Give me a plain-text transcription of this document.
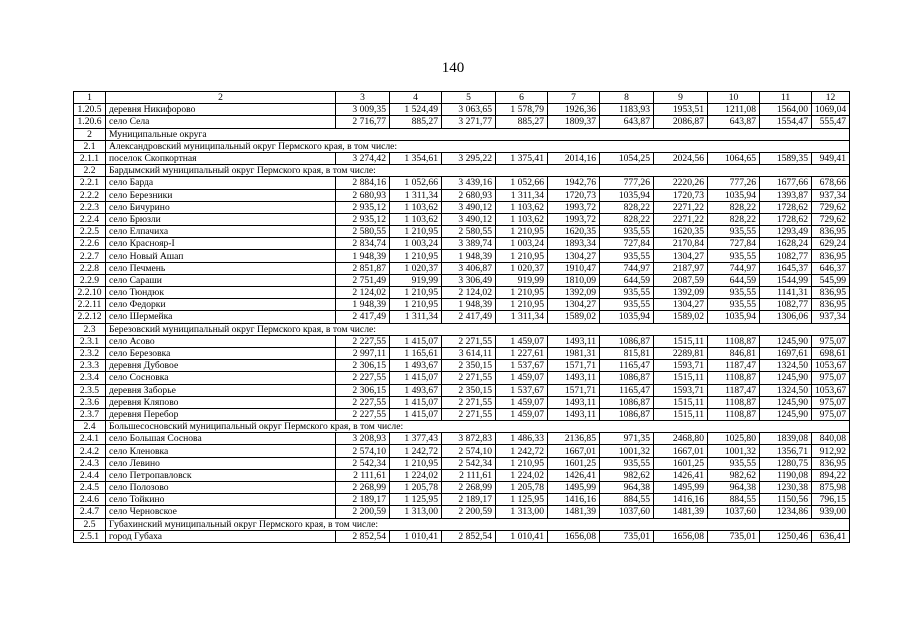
140
1	2	3	4	5	6	7	8	9	10	11	12
1.20.5	деревня Никифорово	3 009,35	1 524,49	3 063,65	1 578,79	1926,36	1183,93	1953,51	1211,08	1564,00	1069,04
1.20.6	село Села	2 716,77	885,27	3 271,77	885,27	1809,37	643,87	2086,87	643,87	1554,47	555,47
2	Муниципальные округа										
2.1	Александровский муниципальный округ Пермского края, в том числе:										
2.1.1	поселок Скопкортная	3 274,42	1 354,61	3 295,22	1 375,41	2014,16	1054,25	2024,56	1064,65	1589,35	949,41
2.2	Бардымский муниципальный округ Пермского края, в том числе:										
2.2.1	село Барда	2 884,16	1 052,66	3 439,16	1 052,66	1942,76	777,26	2220,26	777,26	1677,66	678,66
2.2.2	село Березники	2 680,93	1 311,34	2 680,93	1 311,34	1720,73	1035,94	1720,73	1035,94	1393,87	937,34
2.2.3	село Бичурино	2 935,12	1 103,62	3 490,12	1 103,62	1993,72	828,22	2271,22	828,22	1728,62	729,62
2.2.4	село Брюзли	2 935,12	1 103,62	3 490,12	1 103,62	1993,72	828,22	2271,22	828,22	1728,62	729,62
2.2.5	село Елпачиха	2 580,55	1 210,95	2 580,55	1 210,95	1620,35	935,55	1620,35	935,55	1293,49	836,95
2.2.6	село Краснояр-I	2 834,74	1 003,24	3 389,74	1 003,24	1893,34	727,84	2170,84	727,84	1628,24	629,24
2.2.7	село Новый Ашап	1 948,39	1 210,95	1 948,39	1 210,95	1304,27	935,55	1304,27	935,55	1082,77	836,95
2.2.8	село Печмень	2 851,87	1 020,37	3 406,87	1 020,37	1910,47	744,97	2187,97	744,97	1645,37	646,37
2.2.9	село Сараши	2 751,49	919,99	3 306,49	919,99	1810,09	644,59	2087,59	644,59	1544,99	545,99
2.2.10	село Тюндюк	2 124,02	1 210,95	2 124,02	1 210,95	1392,09	935,55	1392,09	935,55	1141,31	836,95
2.2.11	село Федорки	1 948,39	1 210,95	1 948,39	1 210,95	1304,27	935,55	1304,27	935,55	1082,77	836,95
2.2.12	село Шермейка	2 417,49	1 311,34	2 417,49	1 311,34	1589,02	1035,94	1589,02	1035,94	1306,06	937,34
2.3	Березовский муниципальный округ Пермского края, в том числе:										
2.3.1	село Асово	2 227,55	1 415,07	2 271,55	1 459,07	1493,11	1086,87	1515,11	1108,87	1245,90	975,07
2.3.2	село Березовка	2 997,11	1 165,61	3 614,11	1 227,61	1981,31	815,81	2289,81	846,81	1697,61	698,61
2.3.3	деревня Дубовое	2 306,15	1 493,67	2 350,15	1 537,67	1571,71	1165,47	1593,71	1187,47	1324,50	1053,67
2.3.4	село Сосновка	2 227,55	1 415,07	2 271,55	1 459,07	1493,11	1086,87	1515,11	1108,87	1245,90	975,07
2.3.5	деревня Заборье	2 306,15	1 493,67	2 350,15	1 537,67	1571,71	1165,47	1593,71	1187,47	1324,50	1053,67
2.3.6	деревня Кляпово	2 227,55	1 415,07	2 271,55	1 459,07	1493,11	1086,87	1515,11	1108,87	1245,90	975,07
2.3.7	деревня Перебор	2 227,55	1 415,07	2 271,55	1 459,07	1493,11	1086,87	1515,11	1108,87	1245,90	975,07
2.4	Большесосновский муниципальный округ Пермского края, в том числе:										
2.4.1	село Большая Соснова	3 208,93	1 377,43	3 872,83	1 486,33	2136,85	971,35	2468,80	1025,80	1839,08	840,08
2.4.2	село Кленовка	2 574,10	1 242,72	2 574,10	1 242,72	1667,01	1001,32	1667,01	1001,32	1356,71	912,92
2.4.3	село Левино	2 542,34	1 210,95	2 542,34	1 210,95	1601,25	935,55	1601,25	935,55	1280,75	836,95
2.4.4	село Петропавловск	2 111,61	1 224,02	2 111,61	1 224,02	1426,41	982,62	1426,41	982,62	1190,08	894,22
2.4.5	село Полозово	2 268,99	1 205,78	2 268,99	1 205,78	1495,99	964,38	1495,99	964,38	1230,38	875,98
2.4.6	село Тойкино	2 189,17	1 125,95	2 189,17	1 125,95	1416,16	884,55	1416,16	884,55	1150,56	796,15
2.4.7	село Черновское	2 200,59	1 313,00	2 200,59	1 313,00	1481,39	1037,60	1481,39	1037,60	1234,86	939,00
2.5	Губахинский муниципальный округ Пермского края, в том числе:										
2.5.1	город Губаха	2 852,54	1 010,41	2 852,54	1 010,41	1656,08	735,01	1656,08	735,01	1250,46	636,41
